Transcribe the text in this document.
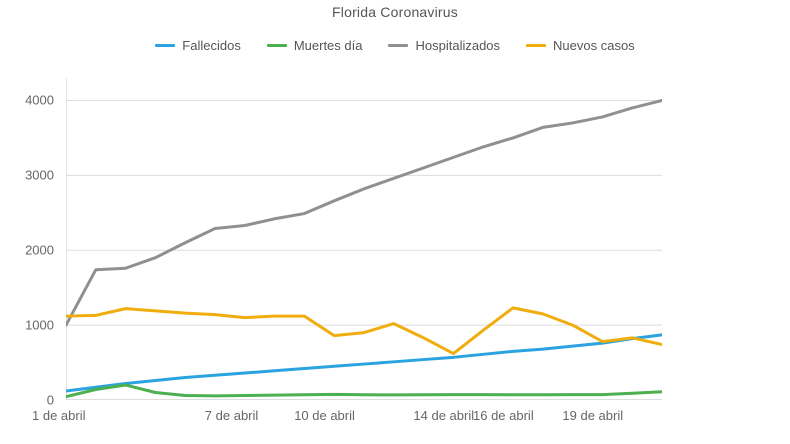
Florida Coronavirus
Fallecidos	Muertes día	Hospitalizados	Nuevos casos
0
1000
2000
3000
4000
1 de abril	7 de abril	10 de abril	14 de abril
16 de abril 19 de abril
